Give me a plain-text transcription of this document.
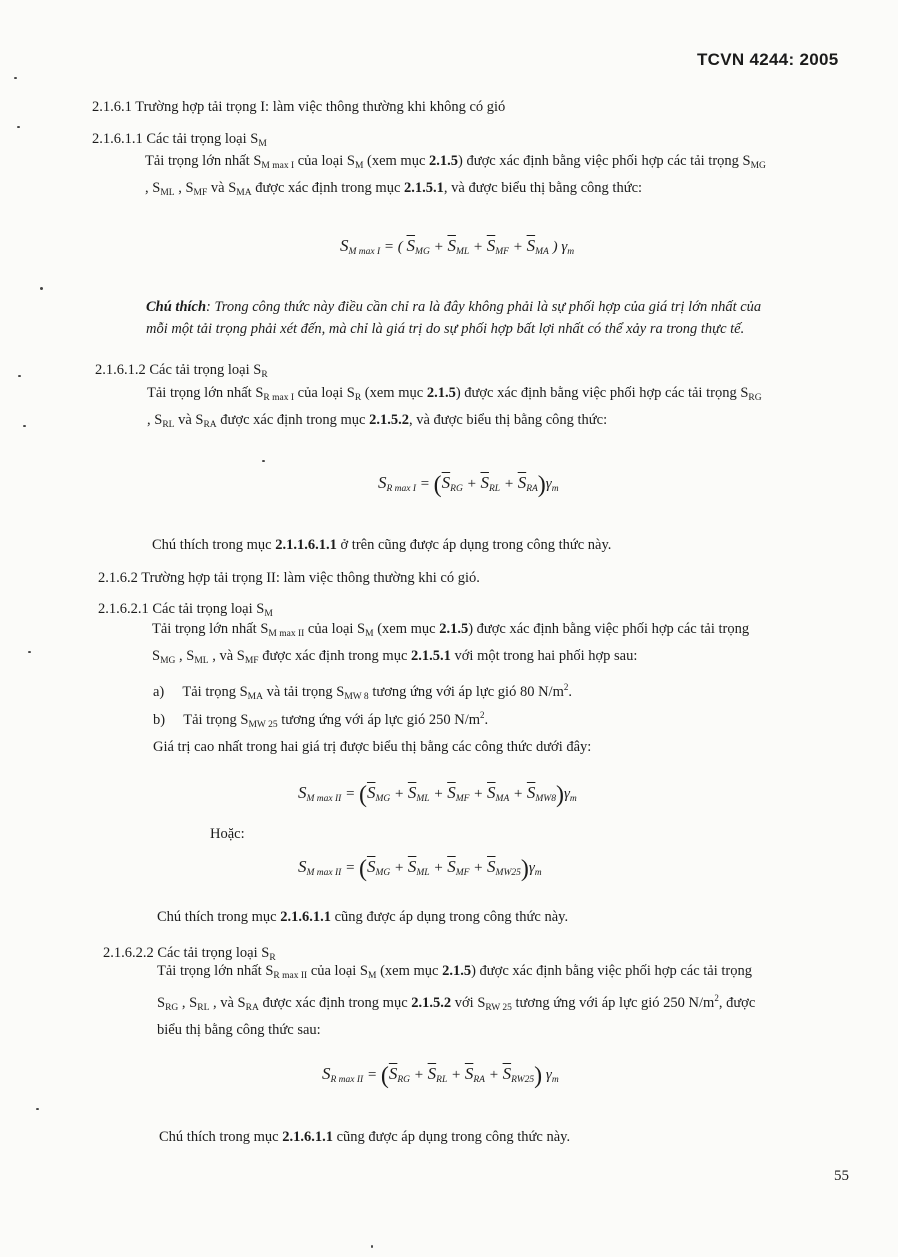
TCVN 4244: 2005
2.1.6.1 Trường hợp tải trọng I: làm việc thông thường khi không có gió
2.1.6.1.1 Các tải trọng loại $S_M$
Tải trọng lớn nhất $S_{M max I}$ của loại $S_M$ (xem mục 2.1.5) được xác định bằng việc phối hợp các tải trọng $S_{MG}$
, $S_{ML}$ , $S_{MF}$ và $S_{MA}$ được xác định trong mục 2.1.5.1, và được biểu thị bằng công thức:
$S_{M max I}$ = ( $\overline{S}_{MG} + \overline{S}_{ML} + \overline{S}_{MF} + \overline{S}_{MA}$ ) $\gamma_m$
Chú thích: Trong công thức này điều cần chỉ ra là đây không phải là sự phối hợp của giá trị lớn nhất của
mỗi một tải trọng phải xét đến, mà chỉ là giá trị do sự phối hợp bất lợi nhất có thể xảy ra trong thực tế.
2.1.6.1.2 Các tải trọng loại $S_R$
Tải trọng lớn nhất $S_{R max I}$ của loại $S_R$ (xem mục 2.1.5) được xác định bằng việc phối hợp các tải trọng $S_{RG}$
, $S_{RL}$ và $S_{RA}$ được xác định trong mục 2.1.5.2, và được biểu thị bằng công thức:
$S_{R max I} = (\overline{S}_{RG} + \overline{S}_{RL} + \overline{S}_{RA})\gamma_m$
Chú thích trong mục 2.1.1.6.1.1 ở trên cũng được áp dụng trong công thức này.
2.1.6.2 Trường hợp tải trọng II: làm việc thông thường khi có gió.
2.1.6.2.1 Các tải trọng loại $S_M$
Tải trọng lớn nhất $S_{M max II}$ của loại $S_M$ (xem mục 2.1.5) được xác định bằng việc phối hợp các tải trọng
$S_{MG}$ , $S_{ML}$ , và $S_{MF}$ được xác định trong mục 2.1.5.1 với một trong hai phối hợp sau:
a) Tải trọng $S_{MA}$ và tải trọng $S_{MW 8}$ tương ứng với áp lực gió 80 $N/m^2$.
b) Tải trọng $S_{MW 25}$ tương ứng với áp lực gió 250 $N/m^2$.
Giá trị cao nhất trong hai giá trị được biểu thị bằng các công thức dưới đây:
$S_{M max II} = (\overline{S}_{MG} + \overline{S}_{ML} + \overline{S}_{MF} + \overline{S}_{MA} + \overline{S}_{MW8})\gamma_m$
Hoặc:
$S_{M max II} = (\overline{S}_{MG} + \overline{S}_{ML} + \overline{S}_{MF} + \overline{S}_{MW25})\gamma_m$
Chú thích trong mục 2.1.6.1.1 cũng được áp dụng trong công thức này.
2.1.6.2.2 Các tải trọng loại $S_R$
Tải trọng lớn nhất $S_{R max II}$ của loại $S_M$ (xem mục 2.1.5) được xác định bằng việc phối hợp các tải trọng
$S_{RG}$ , $S_{RL}$ , và $S_{RA}$ được xác định trong mục 2.1.5.2 với $S_{RW 25}$ tương ứng với áp lực gió 250 $N/m^2$, được
biểu thị bằng công thức sau:
$S_{R max II} = (\overline{S}_{RG} + \overline{S}_{RL} + \overline{S}_{RA} + \overline{S}_{RW25})$ $\gamma_m$
Chú thích trong mục 2.1.6.1.1 cũng được áp dụng trong công thức này.
55
